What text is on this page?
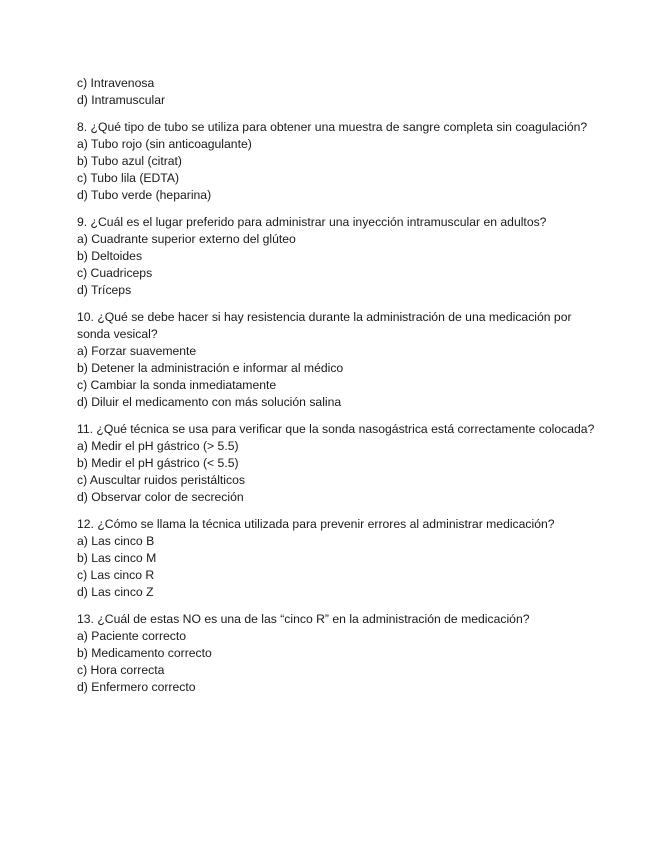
c) Intravenosa
d) Intramuscular
8. ¿Qué tipo de tubo se utiliza para obtener una muestra de sangre completa sin coagulación?
a) Tubo rojo (sin anticoagulante)
b) Tubo azul (citrat)
c) Tubo lila (EDTA)
d) Tubo verde (heparina)
9. ¿Cuál es el lugar preferido para administrar una inyección intramuscular en adultos?
a) Cuadrante superior externo del glúteo
b) Deltoides
c) Cuadriceps
d) Tríceps
10. ¿Qué se debe hacer si hay resistencia durante la administración de una medicación por sonda vesical?
a) Forzar suavemente
b) Detener la administración e informar al médico
c) Cambiar la sonda inmediatamente
d) Diluir el medicamento con más solución salina
11. ¿Qué técnica se usa para verificar que la sonda nasogástrica está correctamente colocada?
a) Medir el pH gástrico (> 5.5)
b) Medir el pH gástrico (< 5.5)
c) Auscultar ruidos peristálticos
d) Observar color de secreción
12. ¿Cómo se llama la técnica utilizada para prevenir errores al administrar medicación?
a) Las cinco B
b) Las cinco M
c) Las cinco R
d) Las cinco Z
13. ¿Cuál de estas NO es una de las “cinco R” en la administración de medicación?
a) Paciente correcto
b) Medicamento correcto
c) Hora correcta
d) Enfermero correcto
